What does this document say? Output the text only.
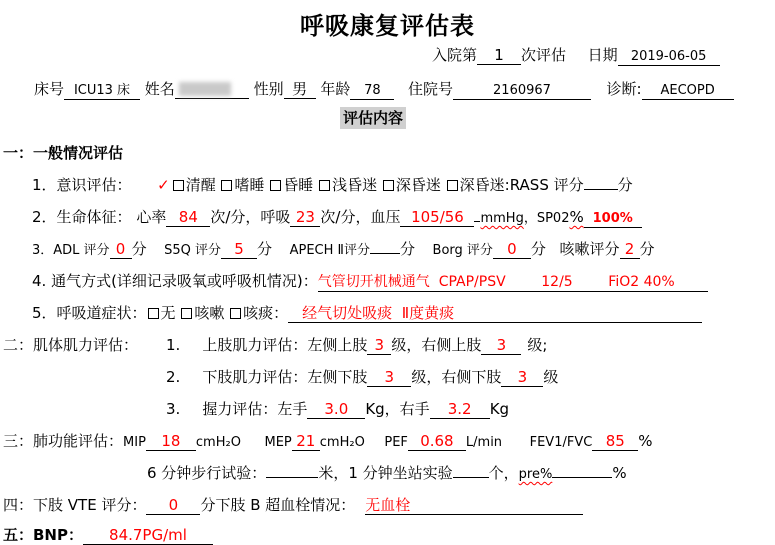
呼吸康复评估表
入院第 1 次评估 日期 2019-06-05
床号 ICU13 床 姓名	性别 男 年龄 78 住院号	2160967	诊断: AECOPD
评估内容
一：一般情况评估
1．意识评估： ✓ 清醒 嗜睡 昏睡 浅昏迷 深昏迷 深昏迷:RASS 评分 分
2．生命体征： 心率 84 次/分，呼吸 23 次/分，血压 105/56 mmHg，SP02% 100%
3．ADL 评分 0 分 S5Q 评分 5 分 APECH Ⅱ评分 分 Borg 评分 0 分 咳嗽评分 2 分
4. 通气方式(详细记录吸氧或呼吸机情况)：气管切开机械通气  CPAP/PSV        12/5        FiO2 40%
5．呼吸道症状： 无 咳嗽 咳痰： 经气切处吸痰  Ⅱ度黄痰
二：肌体肌力评估： 1. 上肢肌力评估：左侧上肢 3 级，右侧上肢 3 级;
2. 下肢肌力评估：左侧下肢 3 级，右侧下肢 3 级
3. 握力评估：左手 3.0 Kg，右手 3.2 Kg
三：肺功能评估：MIP 18 cmH₂O MEP 21 cmH₂O PEF 0.68 L/min FEV1/FVC 85 %
6 分钟步行试验：	米，1 分钟坐站实验 个，pre%	%
四：下肢 VTE 评分： 0 分下肢 B 超血栓情况： 无血栓
五：BNP： 84.7PG/ml
